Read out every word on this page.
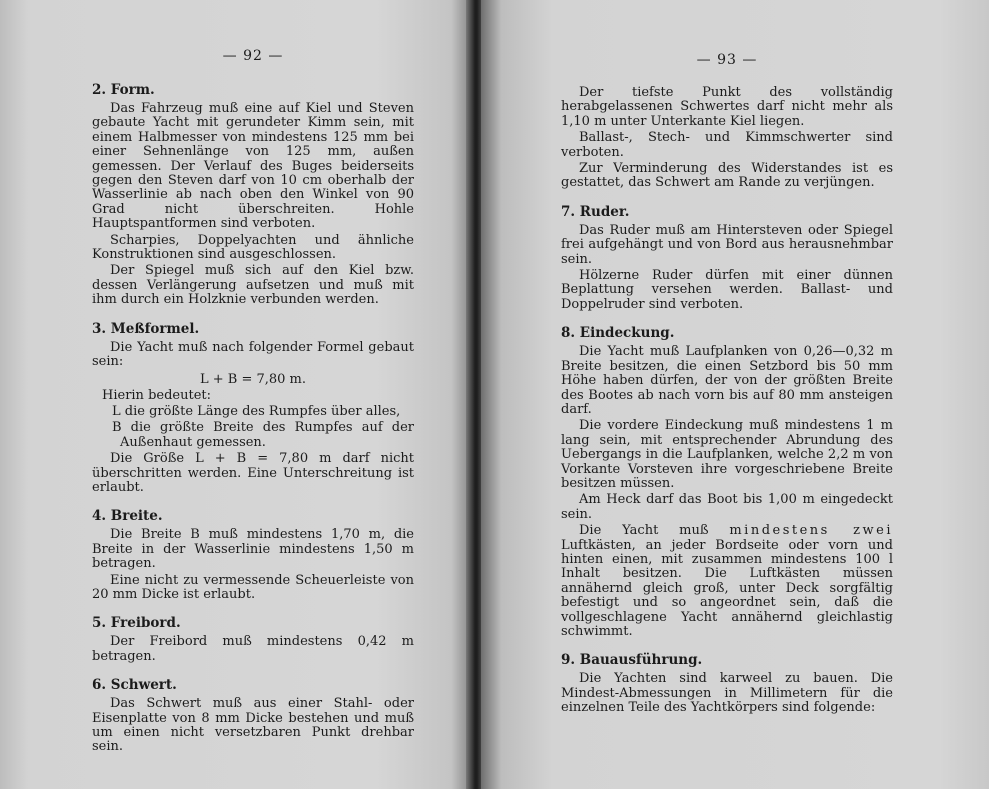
— 92 —
2. Form.

Das Fahrzeug muß eine auf Kiel und Steven gebaute Yacht mit gerundeter Kimm sein, mit einem Halbmesser von mindestens 125 mm bei einer Sehnenlänge von 125 mm, außen gemessen. Der Verlauf des Buges beiderseits gegen den Steven darf von 10 cm oberhalb der Wasserlinie ab nach oben den Winkel von 90 Grad nicht überschreiten. Hohle Hauptspantformen sind verboten.

Scharpies, Doppelyachten und ähnliche Konstruktionen sind ausgeschlossen.

Der Spiegel muß sich auf den Kiel bzw. dessen Verlängerung aufsetzen und muß mit ihm durch ein Holzknie verbunden werden.

3. Meßformel.

Die Yacht muß nach folgender Formel gebaut sein:

L + B = 7,80 m.

Hierin bedeutet:

L die größte Länge des Rumpfes über alles,

B die größte Breite des Rumpfes auf der Außenhaut gemessen.

Die Größe L + B = 7,80 m darf nicht überschritten werden. Eine Unterschreitung ist erlaubt.

4. Breite.

Die Breite B muß mindestens 1,70 m, die Breite in der Wasserlinie mindestens 1,50 m betragen.

Eine nicht zu vermessende Scheuerleiste von 20 mm Dicke ist erlaubt.

5. Freibord.

Der Freibord muß mindestens 0,42 m betragen.

6. Schwert.

Das Schwert muß aus einer Stahl- oder Eisenplatte von 8 mm Dicke bestehen und muß um einen nicht versetzbaren Punkt drehbar sein.

— 93 —

Der tiefste Punkt des vollständig herabgelassenen Schwertes darf nicht mehr als 1,10 m unter Unterkante Kiel liegen.

Ballast-, Stech- und Kimmschwerter sind verboten.

Zur Verminderung des Widerstandes ist es gestattet, das Schwert am Rande zu verjüngen.

7. Ruder.

Das Ruder muß am Hintersteven oder Spiegel frei aufgehängt und von Bord aus herausnehmbar sein.

Hölzerne Ruder dürfen mit einer dünnen Beplattung versehen werden. Ballast- und Doppelruder sind verboten.

8. Eindeckung.

Die Yacht muß Laufplanken von 0,26—0,32 m Breite besitzen, die einen Setzbord bis 50 mm Höhe haben dürfen, der von der größten Breite des Bootes ab nach vorn bis auf 80 mm ansteigen darf.

Die vordere Eindeckung muß mindestens 1 m lang sein, mit entsprechender Abrundung des Uebergangs in die Laufplanken, welche 2,2 m von Vorkante Vorsteven ihre vorgeschriebene Breite besitzen müssen.

Am Heck darf das Boot bis 1,00 m eingedeckt sein.

Die Yacht muß mindestens zwei Luftkästen, an jeder Bordseite oder vorn und hinten einen, mit zusammen mindestens 100 l Inhalt besitzen. Die Luftkästen müssen annähernd gleich groß, unter Deck sorgfältig befestigt und so angeordnet sein, daß die vollgeschlagene Yacht annähernd gleichlastig schwimmt.

9. Bauausführung.

Die Yachten sind karweel zu bauen. Die Mindest-Abmessungen in Millimetern für die einzelnen Teile des Yachtkörpers sind folgende:
